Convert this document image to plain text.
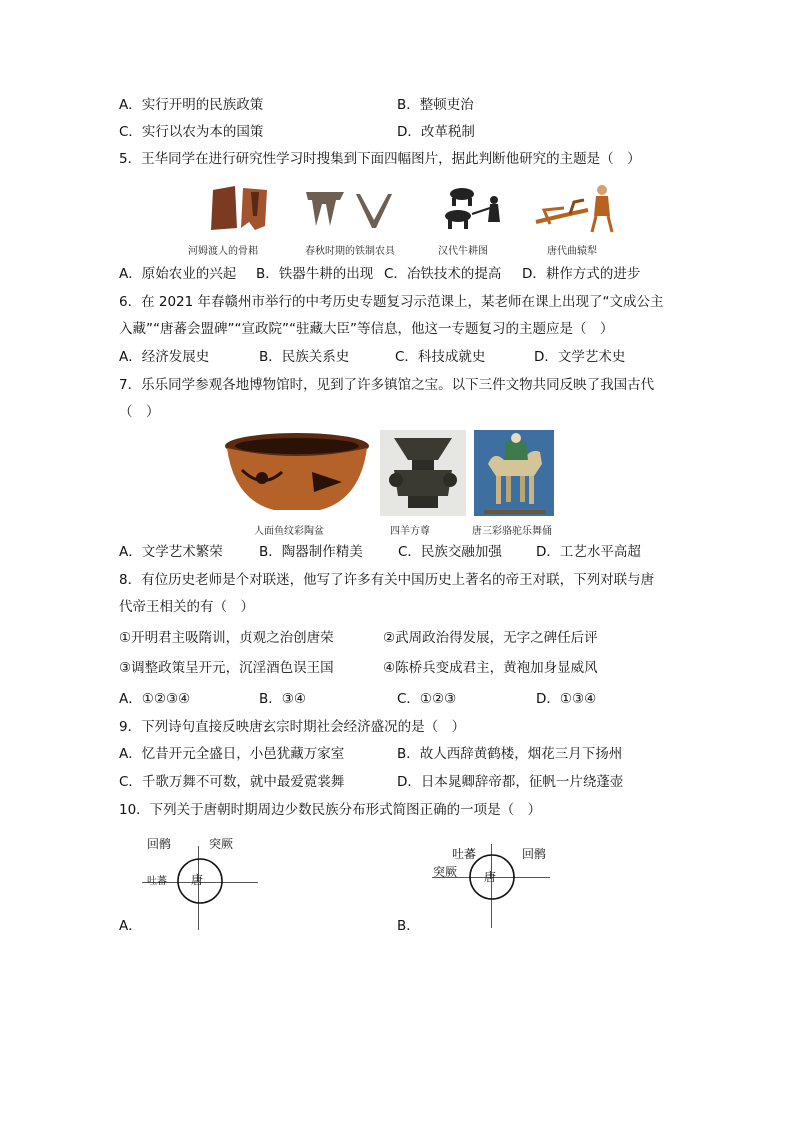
A．实行开明的民族政策	B．整顿吏治
C．实行以农为本的国策	D．改革税制
5．王华同学在进行研究性学习时搜集到下面四幅图片，据此判断他研究的主题是（　）
河姆渡人的骨耜	春秋时期的铁制农具	汉代牛耕图	唐代曲辕犁
A．原始农业的兴起 B．铁器牛耕的出现 C．冶铁技术的提高 D．耕作方式的进步
6．在 2021 年春赣州市举行的中考历史专题复习示范课上，某老师在课上出现了“文成公主
入藏”“唐蕃会盟碑”“宣政院”“驻藏大臣”等信息，他这一专题复习的主题应是（　）
A．经济发展史	B．民族关系史	C．科技成就史	D．文学艺术史
7．乐乐同学参观各地博物馆时，见到了许多镇馆之宝。以下三件文物共同反映了我国古代
（　）
人面鱼纹彩陶盆	四羊方尊	唐三彩骆驼乐舞俑
A．文学艺术繁荣	B．陶器制作精美	C．民族交融加强	D．工艺水平高超
8．有位历史老师是个对联迷，他写了许多有关中国历史上著名的帝王对联，下列对联与唐
代帝王相关的有（　）
①开明君主吸隋训，贞观之治创唐荣	②武周政治得发展，无字之碑任后评
③调整政策呈开元，沉淫酒色误王国	④陈桥兵变成君主，黄袍加身显威风
A．①②③④	B．③④	C．①②③	D．①③④
9．下列诗句直接反映唐玄宗时期社会经济盛况的是（　）
A．忆昔开元全盛日，小邑犹藏万家室	B．故人西辞黄鹤楼，烟花三月下扬州
C．千歌万舞不可数，就中最爱霓裳舞	D．日本晁卿辞帝都，征帆一片绕蓬壶
10．下列关于唐朝时期周边少数民族分布形式简图正确的一项是（　）
唐
回鹘	突厥
吐蕃
A．
唐
吐蕃	回鹘
突厥
B．
